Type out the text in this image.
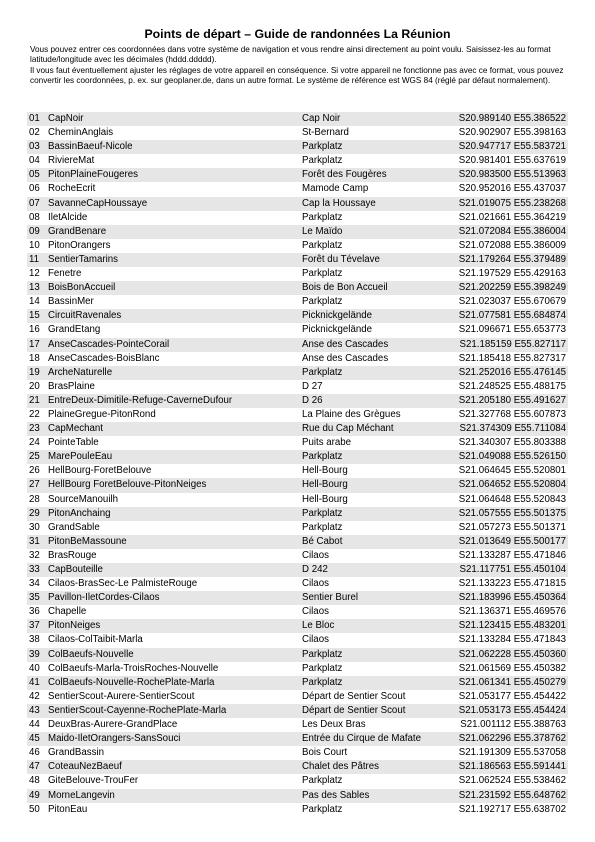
Points de départ – Guide de randonnées La Réunion

Vous pouvez entrer ces coordonnées dans votre système de navigation et vous rendre ainsi directement au point voulu. Saisissez-les au format latitude/longitude avec les décimales (hddd.ddddd).

Il vous faut éventuellement ajuster les réglages de votre appareil en conséquence. Si votre appareil ne fonctionne pas avec ce format, vous pouvez convertir les coordonnées, p. ex. sur geoplaner.de, dans un autre format. Le système de référence est WGS 84 (réglé par défaut normalement).

01	CapNoir	Cap Noir	S20.989140 E55.386522
02	CheminAnglais	St-Bernard	S20.902907 E55.398163
03	BassinBaeuf-Nicole	Parkplatz	S20.947717 E55.583721
04	RiviereMat	Parkplatz	S20.981401 E55.637619
05	PitonPlaineFougeres	Forêt des Fougères	S20.983500 E55.513963
06	RocheEcrit	Mamode Camp	S20.952016 E55.437037
07	SavanneCapHoussaye	Cap la Houssaye	S21.019075 E55.238268
08	IletAlcide	Parkplatz	S21.021661 E55.364219
09	GrandBenare	Le Maïdo	S21.072084 E55.386004
10	PitonOrangers	Parkplatz	S21.072088 E55.386009
11	SentierTamarins	Forêt du Tévelave	S21.179264 E55.379489
12	Fenetre	Parkplatz	S21.197529 E55.429163
13	BoisBonAccueil	Bois de Bon Accueil	S21.202259 E55.398249
14	BassinMer	Parkplatz	S21.023037 E55.670679
15	CircuitRavenales	Picknickgelände	S21.077581 E55.684874
16	GrandEtang	Picknickgelände	S21.096671 E55.653773
17	AnseCascades-PointeCorail	Anse des Cascades	S21.185159 E55.827117
18	AnseCascades-BoisBlanc	Anse des Cascades	S21.185418 E55.827317
19	ArcheNaturelle	Parkplatz	S21.252016 E55.476145
20	BrasPlaine	D 27	S21.248525 E55.488175
21	EntreDeux-Dimitile-Refuge-CaverneDufour	D 26	S21.205180 E55.491627
22	PlaineGregue-PitonRond	La Plaine des Grègues	S21.327768 E55.607873
23	CapMechant	Rue du Cap Méchant	S21.374309 E55.711084
24	PointeTable	Puits arabe	S21.340307 E55.803388
25	MarePouleEau	Parkplatz	S21.049088 E55.526150
26	HellBourg-ForetBelouve	Hell-Bourg	S21.064645 E55.520801
27	HellBourg ForetBelouve-PitonNeiges	Hell-Bourg	S21.064652 E55.520804
28	SourceManouilh	Hell-Bourg	S21.064648 E55.520843
29	PitonAnchaing	Parkplatz	S21.057555 E55.501375
30	GrandSable	Parkplatz	S21.057273 E55.501371
31	PitonBeMassoune	Bé Cabot	S21.013649 E55.500177
32	BrasRouge	Cilaos	S21.133287 E55.471846
33	CapBouteille	D 242	S21.117751 E55.450104
34	Cilaos-BrasSec-Le PalmisteRouge	Cilaos	S21.133223 E55.471815
35	Pavillon-IletCordes-Cilaos	Sentier Burel	S21.183996 E55.450364
36	Chapelle	Cilaos	S21.136371 E55.469576
37	PitonNeiges	Le Bloc	S21.123415 E55.483201
38	Cilaos-ColTaibit-Marla	Cilaos	S21.133284 E55.471843
39	ColBaeufs-Nouvelle	Parkplatz	S21.062228 E55.450360
40	ColBaeufs-Marla-TroisRoches-Nouvelle	Parkplatz	S21.061569 E55.450382
41	ColBaeufs-Nouvelle-RochePlate-Marla	Parkplatz	S21.061341 E55.450279
42	SentierScout-Aurere-SentierScout	Départ de Sentier Scout	S21.053177 E55.454422
43	SentierScout-Cayenne-RochePlate-Marla	Départ de Sentier Scout	S21.053173 E55.454424
44	DeuxBras-Aurere-GrandPlace	Les Deux Bras	S21.001112 E55.388763
45	Maido-IletOrangers-SansSouci	Entrée du Cirque de Mafate	S21.062296 E55.378762
46	GrandBassin	Bois Court	S21.191309 E55.537058
47	CoteauNezBaeuf	Chalet des Pâtres	S21.186563 E55.591441
48	GiteBelouve-TrouFer	Parkplatz	S21.062524 E55.538462
49	MorneLangevin	Pas des Sables	S21.231592 E55.648762
50	PitonEau	Parkplatz	S21.192717 E55.638702
